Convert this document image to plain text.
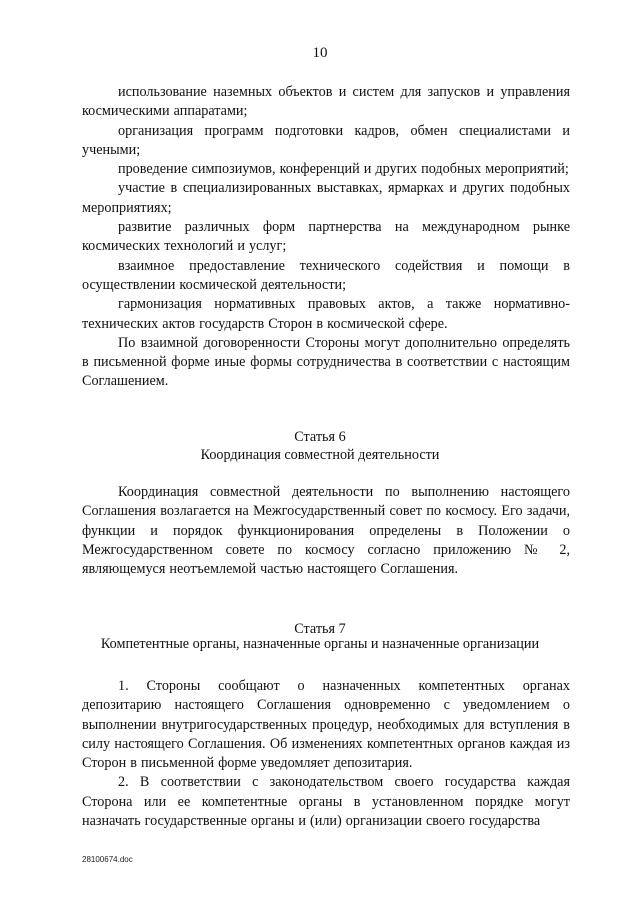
10

использование наземных объектов и систем для запусков и управления космическими аппаратами;

организация программ подготовки кадров, обмен специалистами и учеными;

проведение симпозиумов, конференций и других подобных мероприятий;

участие в специализированных выставках, ярмарках и других подобных мероприятиях;

развитие различных форм партнерства на международном рынке космических технологий и услуг;

взаимное предоставление технического содействия и помощи в осуществлении космической деятельности;

гармонизация нормативных правовых актов, а также нормативно-технических актов государств Сторон в космической сфере.

По взаимной договоренности Стороны могут дополнительно определять в письменной форме иные формы сотрудничества в соответствии с настоящим Соглашением.

Статья 6
Координация совместной деятельности

Координация совместной деятельности по выполнению настоящего Соглашения возлагается на Межгосударственный совет по космосу. Его задачи, функции и порядок функционирования определены в Положении о Межгосударственном совете по космосу согласно приложению № 2, являющемуся неотъемлемой частью настоящего Соглашения.

Статья 7
Компетентные органы, назначенные органы и назначенные организации

1. Стороны сообщают о назначенных компетентных органах депозитарию настоящего Соглашения одновременно с уведомлением о выполнении внутригосударственных процедур, необходимых для вступления в силу настоящего Соглашения. Об изменениях компетентных органов каждая из Сторон в письменной форме уведомляет депозитария.

2. В соответствии с законодательством своего государства каждая Сторона или ее компетентные органы в установленном порядке могут назначать государственные органы и (или) организации своего государства

28100674.doc
